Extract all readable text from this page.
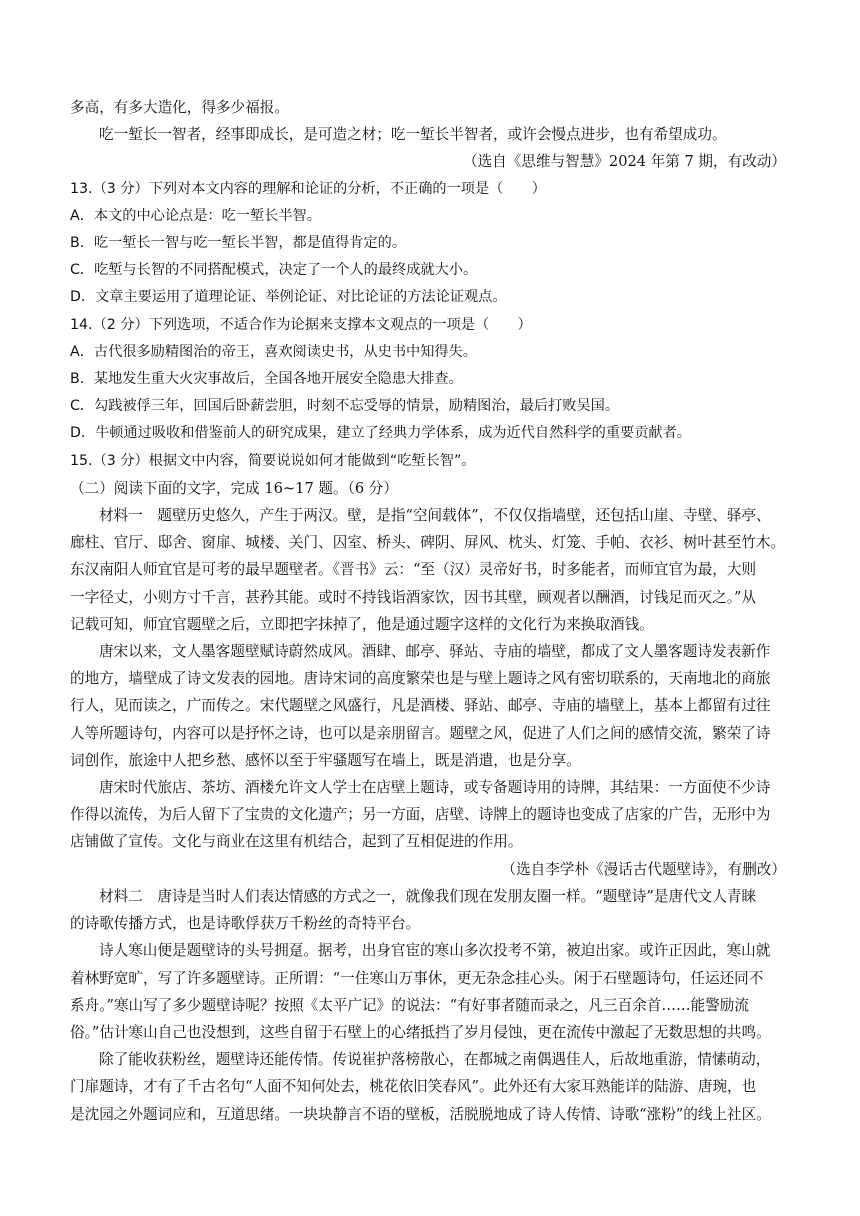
多高，有多大造化，得多少福报。
吃一堑长一智者，经事即成长，是可造之材；吃一堑长半智者，或许会慢点进步，也有希望成功。
（选自《思维与智慧》2024 年第 7 期，有改动）
13.（3 分）下列对本文内容的理解和论证的分析，不正确的一项是（　　）
A．本文的中心论点是：吃一堑长半智。
B．吃一堑长一智与吃一堑长半智，都是值得肯定的。
C．吃堑与长智的不同搭配模式，决定了一个人的最终成就大小。
D．文章主要运用了道理论证、举例论证、对比论证的方法论证观点。
14.（2 分）下列选项，不适合作为论据来支撑本文观点的一项是（　　）
A．古代很多励精图治的帝王，喜欢阅读史书，从史书中知得失。
B．某地发生重大火灾事故后，全国各地开展安全隐患大排查。
C．勾践被俘三年，回国后卧薪尝胆，时刻不忘受辱的情景，励精图治，最后打败吴国。
D．牛顿通过吸收和借鉴前人的研究成果，建立了经典力学体系，成为近代自然科学的重要贡献者。
15.（3 分）根据文中内容，简要说说如何才能做到“吃堑长智”。
（二）阅读下面的文字，完成 16~17 题。（6 分）
材料一　题壁历史悠久，产生于两汉。壁，是指“空间载体”，不仅仅指墙壁，还包括山崖、寺壁、驿亭、
廊柱、官厅、邸舍、窗扉、城楼、关门、囚室、桥头、碑阴、屏风、枕头、灯笼、手帕、衣衫、树叶甚至竹木。
东汉南阳人师宜官是可考的最早题壁者。《晋书》云：“至（汉）灵帝好书，时多能者，而师宜官为最，大则
一字径丈，小则方寸千言，甚矜其能。或时不持钱诣酒家饮，因书其壁，顾观者以酬酒，讨钱足而灭之。”从
记载可知，师宜官题壁之后，立即把字抹掉了，他是通过题字这样的文化行为来换取酒钱。
唐宋以来，文人墨客题壁赋诗蔚然成风。酒肆、邮亭、驿站、寺庙的墙壁，都成了文人墨客题诗发表新作
的地方，墙壁成了诗文发表的园地。唐诗宋词的高度繁荣也是与壁上题诗之风有密切联系的，天南地北的商旅
行人，见而读之，广而传之。宋代题壁之风盛行，凡是酒楼、驿站、邮亭、寺庙的墙壁上，基本上都留有过往
人等所题诗句，内容可以是抒怀之诗，也可以是亲朋留言。题壁之风，促进了人们之间的感情交流，繁荣了诗
词创作，旅途中人把乡愁、感怀以至于牢骚题写在墙上，既是消遣，也是分享。
唐宋时代旅店、茶坊、酒楼允许文人学士在店壁上题诗，或专备题诗用的诗牌，其结果：一方面使不少诗
作得以流传，为后人留下了宝贵的文化遗产；另一方面，店壁、诗牌上的题诗也变成了店家的广告，无形中为
店铺做了宣传。文化与商业在这里有机结合，起到了互相促进的作用。
（选自李学朴《漫话古代题壁诗》，有删改）
材料二　唐诗是当时人们表达情感的方式之一，就像我们现在发朋友圈一样。“题壁诗”是唐代文人青睐
的诗歌传播方式，也是诗歌俘获万千粉丝的奇特平台。
诗人寒山便是题壁诗的头号拥趸。据考，出身官宦的寒山多次投考不第，被迫出家。或许正因此，寒山就
着林野宽旷，写了许多题壁诗。正所谓：“一住寒山万事休，更无杂念挂心头。闲于石壁题诗句，任运还同不
系舟。”寒山写了多少题壁诗呢？按照《太平广记》的说法：“有好事者随而录之，凡三百余首……能警励流
俗。”估计寒山自己也没想到，这些自留于石壁上的心绪抵挡了岁月侵蚀，更在流传中激起了无数思想的共鸣。
除了能收获粉丝，题壁诗还能传情。传说崔护落榜散心，在都城之南偶遇佳人，后故地重游，情愫萌动，
门扉题诗，才有了千古名句“人面不知何处去，桃花依旧笑春风”。此外还有大家耳熟能详的陆游、唐琬，也
是沈园之外题词应和，互道思绪。一块块静言不语的壁板，活脱脱地成了诗人传情、诗歌“涨粉”的线上社区。
